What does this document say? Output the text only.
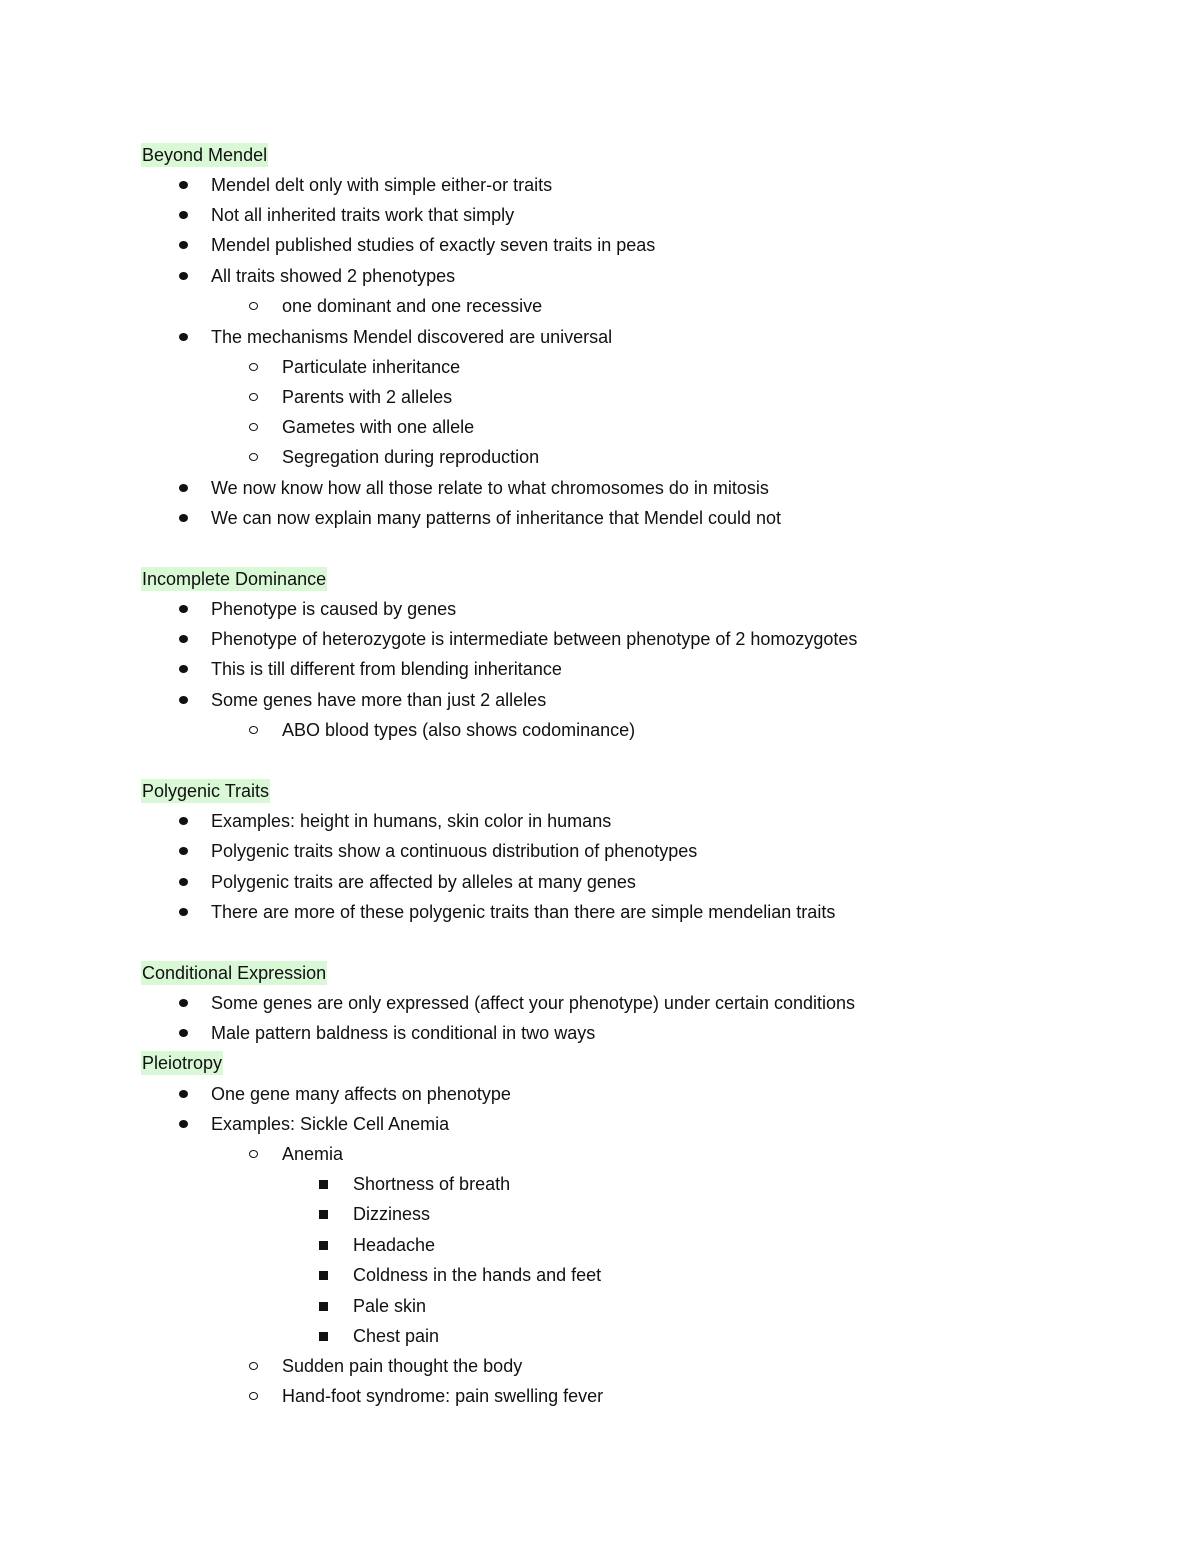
Beyond Mendel
Mendel delt only with simple either-or traits
Not all inherited traits work that simply
Mendel published studies of exactly seven traits in peas
All traits showed 2 phenotypes
one dominant and one recessive
The mechanisms Mendel discovered are universal
Particulate inheritance
Parents with 2 alleles
Gametes with one allele
Segregation during reproduction
We now know how all those relate to what chromosomes do in mitosis
We can now explain many patterns of inheritance that Mendel could not
Incomplete Dominance
Phenotype is caused by genes
Phenotype of heterozygote is intermediate between phenotype of 2 homozygotes
This is till different from blending inheritance
Some genes have more than just 2 alleles
ABO blood types (also shows codominance)
Polygenic Traits
Examples: height in humans, skin color in humans
Polygenic traits show a continuous distribution of phenotypes
Polygenic traits are affected by alleles at many genes
There are more of these polygenic traits than there are simple mendelian traits
Conditional Expression
Some genes are only expressed (affect your phenotype) under certain conditions
Male pattern baldness is conditional in two ways
Pleiotropy
One gene many affects on phenotype
Examples: Sickle Cell Anemia
Anemia
Shortness of breath
Dizziness
Headache
Coldness in the hands and feet
Pale skin
Chest pain
Sudden pain thought the body
Hand-foot syndrome: pain swelling fever
